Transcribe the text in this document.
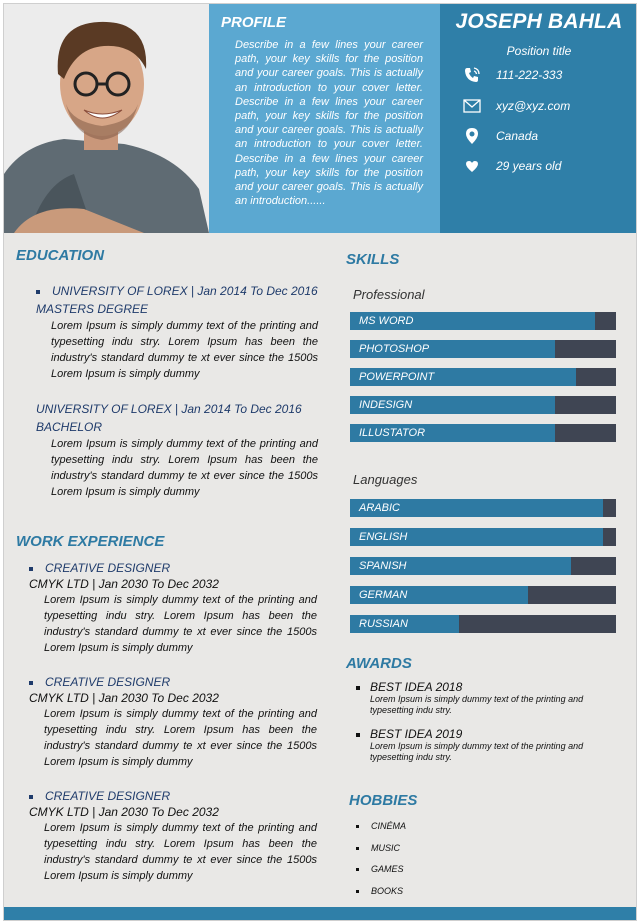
PROFILE
Describe in a few lines your career path, your key skills for the position and your career goals. This is actually an introduction to your cover letter. Describe in a few lines your career path, your key skills for the position and your career goals. This is actually an introduction to your cover letter. Describe in a few lines your career path, your key skills for the position and your career goals. This is actually an introduction......
JOSEPH BAHLA
Position title
111-222-333
xyz@xyz.com
Canada
29 years old
EDUCATION
UNIVERSITY OF LOREX | Jan 2014 To Dec 2016
MASTERS DEGREE
Lorem Ipsum is simply dummy text of the printing and typesetting indu stry. Lorem Ipsum has been the industry's standard dummy te xt ever since the 1500s Lorem Ipsum is simply dummy
UNIVERSITY OF LOREX | Jan 2014 To Dec 2016
BACHELOR
Lorem Ipsum is simply dummy text of the printing and typesetting indu stry. Lorem Ipsum has been the industry's standard dummy te xt ever since the 1500s Lorem Ipsum is simply dummy
WORK EXPERIENCE
CREATIVE DESIGNER
CMYK LTD | Jan 2030 To Dec 2032
Lorem Ipsum is simply dummy text of the printing and typesetting indu stry. Lorem Ipsum has been the industry's standard dummy te xt ever since the 1500s Lorem Ipsum is simply dummy
CREATIVE DESIGNER
CMYK LTD | Jan 2030 To Dec 2032
Lorem Ipsum is simply dummy text of the printing and typesetting indu stry. Lorem Ipsum has been the industry's standard dummy te xt ever since the 1500s Lorem Ipsum is simply dummy
CREATIVE DESIGNER
CMYK LTD | Jan 2030 To Dec 2032
Lorem Ipsum is simply dummy text of the printing and typesetting indu stry. Lorem Ipsum has been the industry's standard dummy te xt ever since the 1500s Lorem Ipsum is simply dummy
SKILLS
Professional
MS WORD
PHOTOSHOP
POWERPOINT
INDESIGN
ILLUSTATOR
Languages
ARABIC
ENGLISH
SPANISH
GERMAN
RUSSIAN
AWARDS
BEST IDEA 2018
Lorem Ipsum is simply dummy text of the printing and typesetting indu stry.
BEST IDEA 2019
Lorem Ipsum is simply dummy text of the printing and typesetting indu stry.
HOBBIES
CINÉMA
MUSIC
GAMES
BOOKS
